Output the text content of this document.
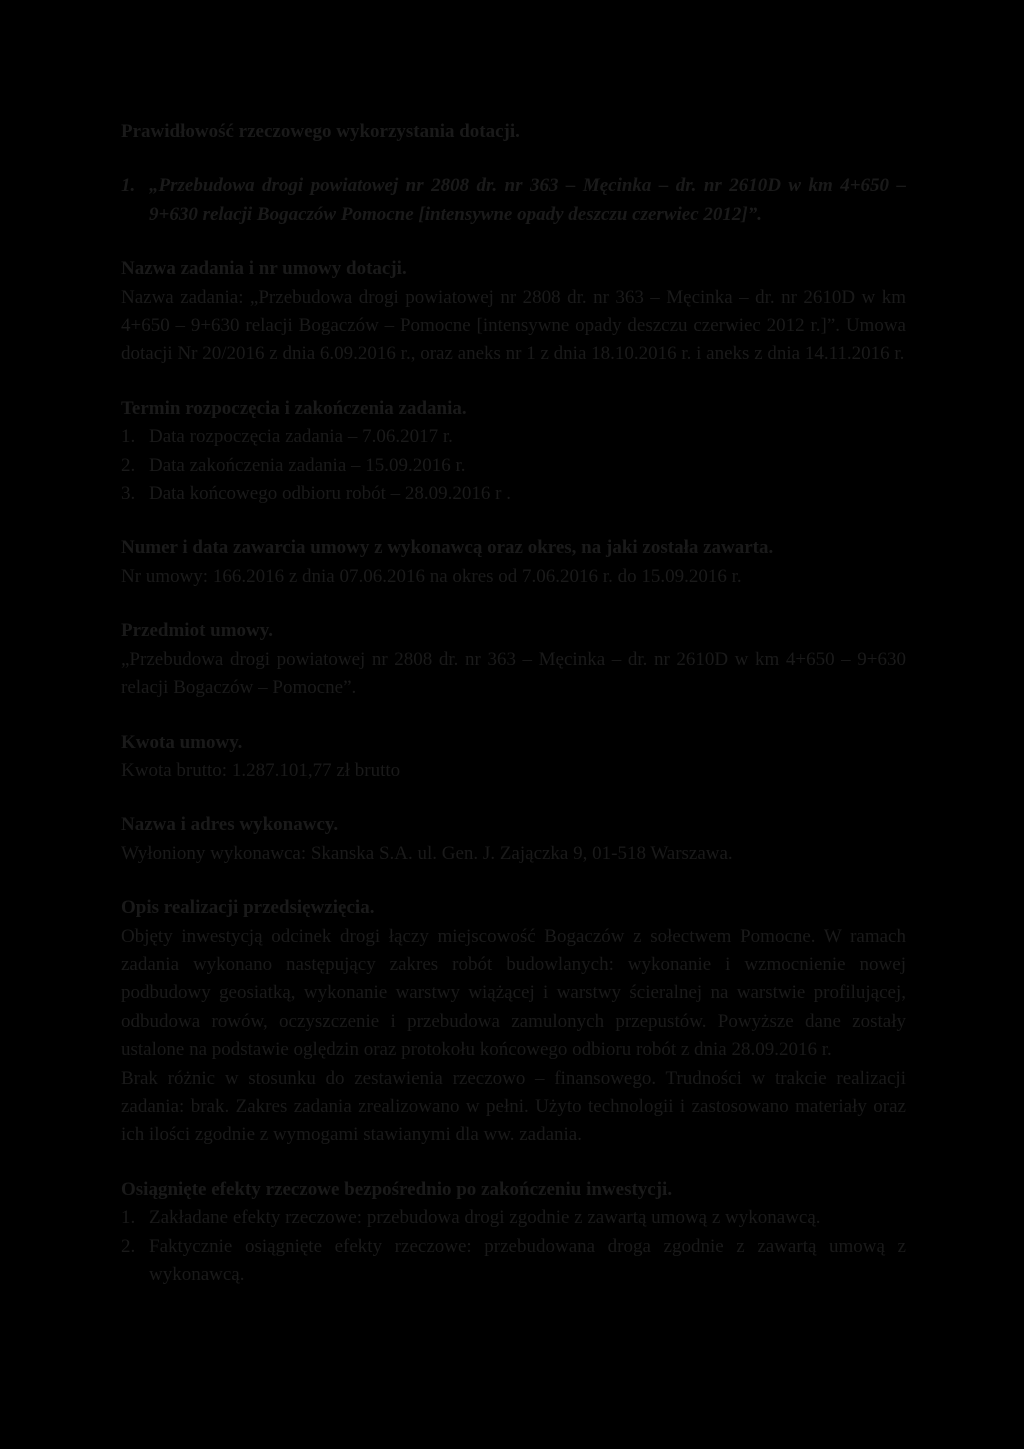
Prawidłowość rzeczowego wykorzystania dotacji.
1. „Przebudowa drogi powiatowej nr 2808 dr. nr 363 – Męcinka – dr. nr 2610D w km 4+650 – 9+630 relacji Bogaczów Pomocne [intensywne opady deszczu czerwiec 2012]”.
Nazwa zadania i nr umowy dotacji.
Nazwa zadania: „Przebudowa drogi powiatowej nr 2808 dr. nr 363 – Męcinka – dr. nr 2610D w km 4+650 – 9+630 relacji Bogaczów – Pomocne [intensywne opady deszczu czerwiec 2012 r.]”. Umowa dotacji Nr 20/2016 z dnia 6.09.2016 r., oraz aneks nr 1 z dnia 18.10.2016 r. i aneks z dnia 14.11.2016 r.
Termin rozpoczęcia i zakończenia zadania.
1. Data rozpoczęcia zadania – 7.06.2017 r.
2. Data zakończenia zadania – 15.09.2016 r.
3. Data końcowego odbioru robót – 28.09.2016 r .
Numer i data zawarcia umowy z wykonawcą oraz okres, na jaki została zawarta.
Nr umowy: 166.2016 z dnia 07.06.2016 na okres od 7.06.2016 r. do 15.09.2016 r.
Przedmiot umowy.
„Przebudowa drogi powiatowej nr 2808 dr. nr 363 – Męcinka – dr. nr 2610D w km 4+650 – 9+630 relacji Bogaczów – Pomocne”.
Kwota umowy.
Kwota brutto: 1.287.101,77 zł brutto
Nazwa i adres wykonawcy.
Wyłoniony wykonawca: Skanska S.A. ul. Gen. J. Zajączka 9, 01-518 Warszawa.
Opis realizacji przedsięwzięcia.
Objęty inwestycją odcinek drogi łączy miejscowość Bogaczów z sołectwem Pomocne. W ramach zadania wykonano następujący zakres robót budowlanych: wykonanie i wzmocnienie nowej podbudowy geosiatką, wykonanie warstwy wiążącej i warstwy ścieralnej na warstwie profilującej, odbudowa rowów, oczyszczenie i przebudowa zamulonych przepustów. Powyższe dane zostały ustalone na podstawie oględzin oraz protokołu końcowego odbioru robót z dnia 28.09.2016 r.
Brak różnic w stosunku do zestawienia rzeczowo – finansowego. Trudności w trakcie realizacji zadania: brak. Zakres zadania zrealizowano w pełni. Użyto technologii i zastosowano materiały oraz ich ilości zgodnie z wymogami stawianymi dla ww. zadania.
Osiągnięte efekty rzeczowe bezpośrednio po zakończeniu inwestycji.
1. Zakładane efekty rzeczowe: przebudowa drogi zgodnie z zawartą umową z wykonawcą.
2. Faktycznie osiągnięte efekty rzeczowe: przebudowana droga zgodnie z zawartą umową z wykonawcą.
